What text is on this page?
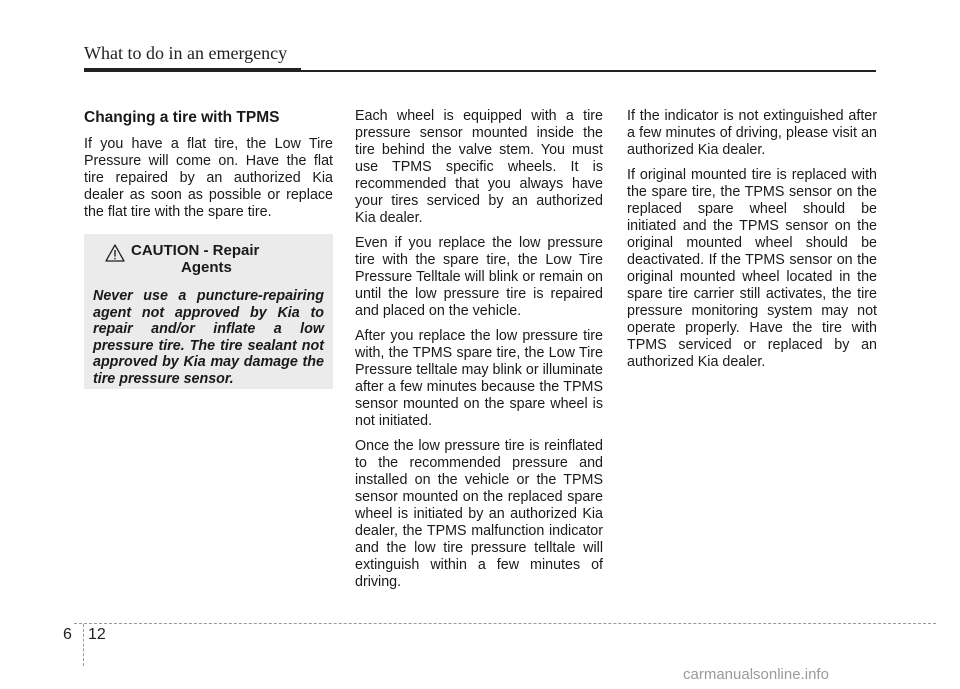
What to do in an emergency
Changing a tire with TPMS

If you have a flat tire, the Low Tire Pressure will come on. Have the flat tire repaired by an authorized Kia dealer as soon as possible or replace the flat tire with the spare tire.

CAUTION - Repair
Agents
Never use a puncture-repairing agent not approved by Kia to repair and/or inflate a low pressure tire. The tire sealant not approved by Kia may damage the tire pressure sensor.

Each wheel is equipped with a tire pressure sensor mounted inside the tire behind the valve stem. You must use TPMS specific wheels. It is recommended that you always have your tires serviced by an authorized Kia dealer.

Even if you replace the low pressure tire with the spare tire, the Low Tire Pressure Telltale will blink or remain on until the low pressure tire is repaired and placed on the vehicle.

After you replace the low pressure tire with, the TPMS spare tire, the Low Tire Pressure telltale may blink or illuminate after a few minutes because the TPMS sensor mounted on the spare wheel is not initiated.

Once the low pressure tire is reinflated to the recommended pressure and installed on the vehicle or the TPMS sensor mounted on the replaced spare wheel is initiated by an authorized Kia dealer, the TPMS malfunction indicator and the low tire pressure telltale will extinguish within a few minutes of driving.

If the indicator is not extinguished after a few minutes of driving, please visit an authorized Kia dealer.

If original mounted tire is replaced with the spare tire, the TPMS sensor on the replaced spare wheel should be initiated and the TPMS sensor on the original mounted wheel should be deactivated. If the TPMS sensor on the original mounted wheel located in the spare tire carrier still activates, the tire pressure monitoring system may not operate properly. Have the tire with TPMS serviced or replaced by an authorized Kia dealer.

6 12
carmanualsonline.info
